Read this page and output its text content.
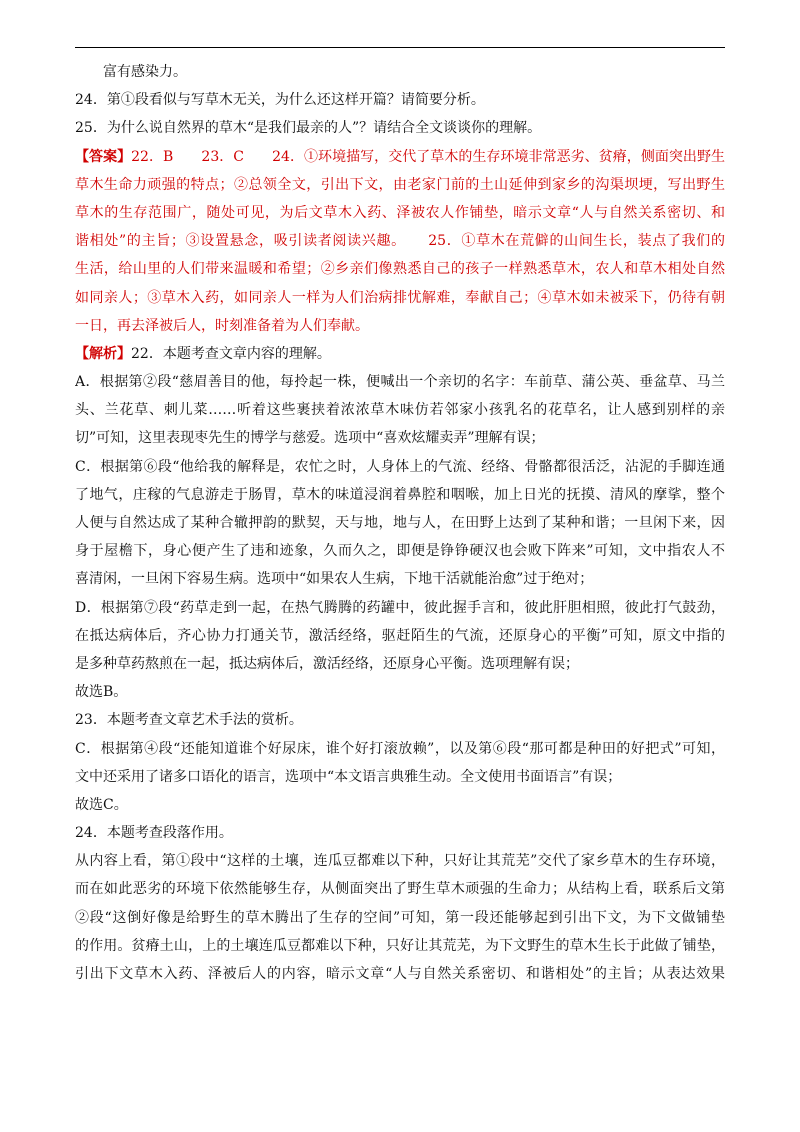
富有感染力。
24．第①段看似与写草木无关，为什么还这样开篇？请简要分析。
25．为什么说自然界的草木“是我们最亲的人”？请结合全文谈谈你的理解。
【答案】22．B　　23．C　　24．①环境描写，交代了草木的生存环境非常恶劣、贫瘠，侧面突出野生
草木生命力顽强的特点；②总领全文，引出下文，由老家门前的土山延伸到家乡的沟渠坝埂，写出野生
草木的生存范围广，随处可见，为后文草木入药、泽被农人作铺垫，暗示文章“人与自然关系密切、和
谐相处”的主旨；③设置悬念，吸引读者阅读兴趣。　　25．①草木在荒僻的山间生长，装点了我们的
生活，给山里的人们带来温暖和希望；②乡亲们像熟悉自己的孩子一样熟悉草木，农人和草木相处自然
如同亲人；③草木入药，如同亲人一样为人们治病排忧解难，奉献自己；④草木如未被采下，仍待有朝
一日，再去泽被后人，时刻准备着为人们奉献。
【解析】22．本题考查文章内容的理解。
A．根据第②段“慈眉善目的他，每拎起一株，便喊出一个亲切的名字：车前草、蒲公英、垂盆草、马兰
头、兰花草、刺儿菜……听着这些裹挟着浓浓草木味仿若邻家小孩乳名的花草名，让人感到别样的亲
切”可知，这里表现枣先生的博学与慈爱。选项中“喜欢炫耀卖弄”理解有误；
C．根据第⑥段“他给我的解释是，农忙之时，人身体上的气流、经络、骨骼都很活泛，沾泥的手脚连通
了地气，庄稼的气息游走于肠胃，草木的味道浸润着鼻腔和咽喉，加上日光的抚摸、清风的摩挲，整个
人便与自然达成了某种合辙押韵的默契，天与地，地与人，在田野上达到了某种和谐；一旦闲下来，因
身于屋檐下，身心便产生了违和迹象，久而久之，即便是铮铮硬汉也会败下阵来”可知，文中指农人不
喜清闲，一旦闲下容易生病。选项中“如果农人生病，下地干活就能治愈”过于绝对；
D．根据第⑦段“药草走到一起，在热气腾腾的药罐中，彼此握手言和，彼此肝胆相照，彼此打气鼓劲，
在抵达病体后，齐心协力打通关节，激活经络，驱赶陌生的气流，还原身心的平衡”可知，原文中指的
是多种草药熬煎在一起，抵达病体后，激活经络，还原身心平衡。选项理解有误；
故选B。
23．本题考查文章艺术手法的赏析。
C．根据第④段“还能知道谁个好尿床，谁个好打滚放赖”，以及第⑥段“那可都是种田的好把式”可知，
文中还采用了诸多口语化的语言，选项中“本文语言典雅生动。全文使用书面语言”有误；
故选C。
24．本题考查段落作用。
从内容上看，第①段中“这样的土壤，连瓜豆都难以下种，只好让其荒芜”交代了家乡草木的生存环境，
而在如此恶劣的环境下依然能够生存，从侧面突出了野生草木顽强的生命力；从结构上看，联系后文第
②段“这倒好像是给野生的草木腾出了生存的空间”可知，第一段还能够起到引出下文，为下文做铺垫
的作用。贫瘠土山，上的土壤连瓜豆都难以下种，只好让其荒芜，为下文野生的草木生长于此做了铺垫，
引出下文草木入药、泽被后人的内容，暗示文章“人与自然关系密切、和谐相处”的主旨；从表达效果
